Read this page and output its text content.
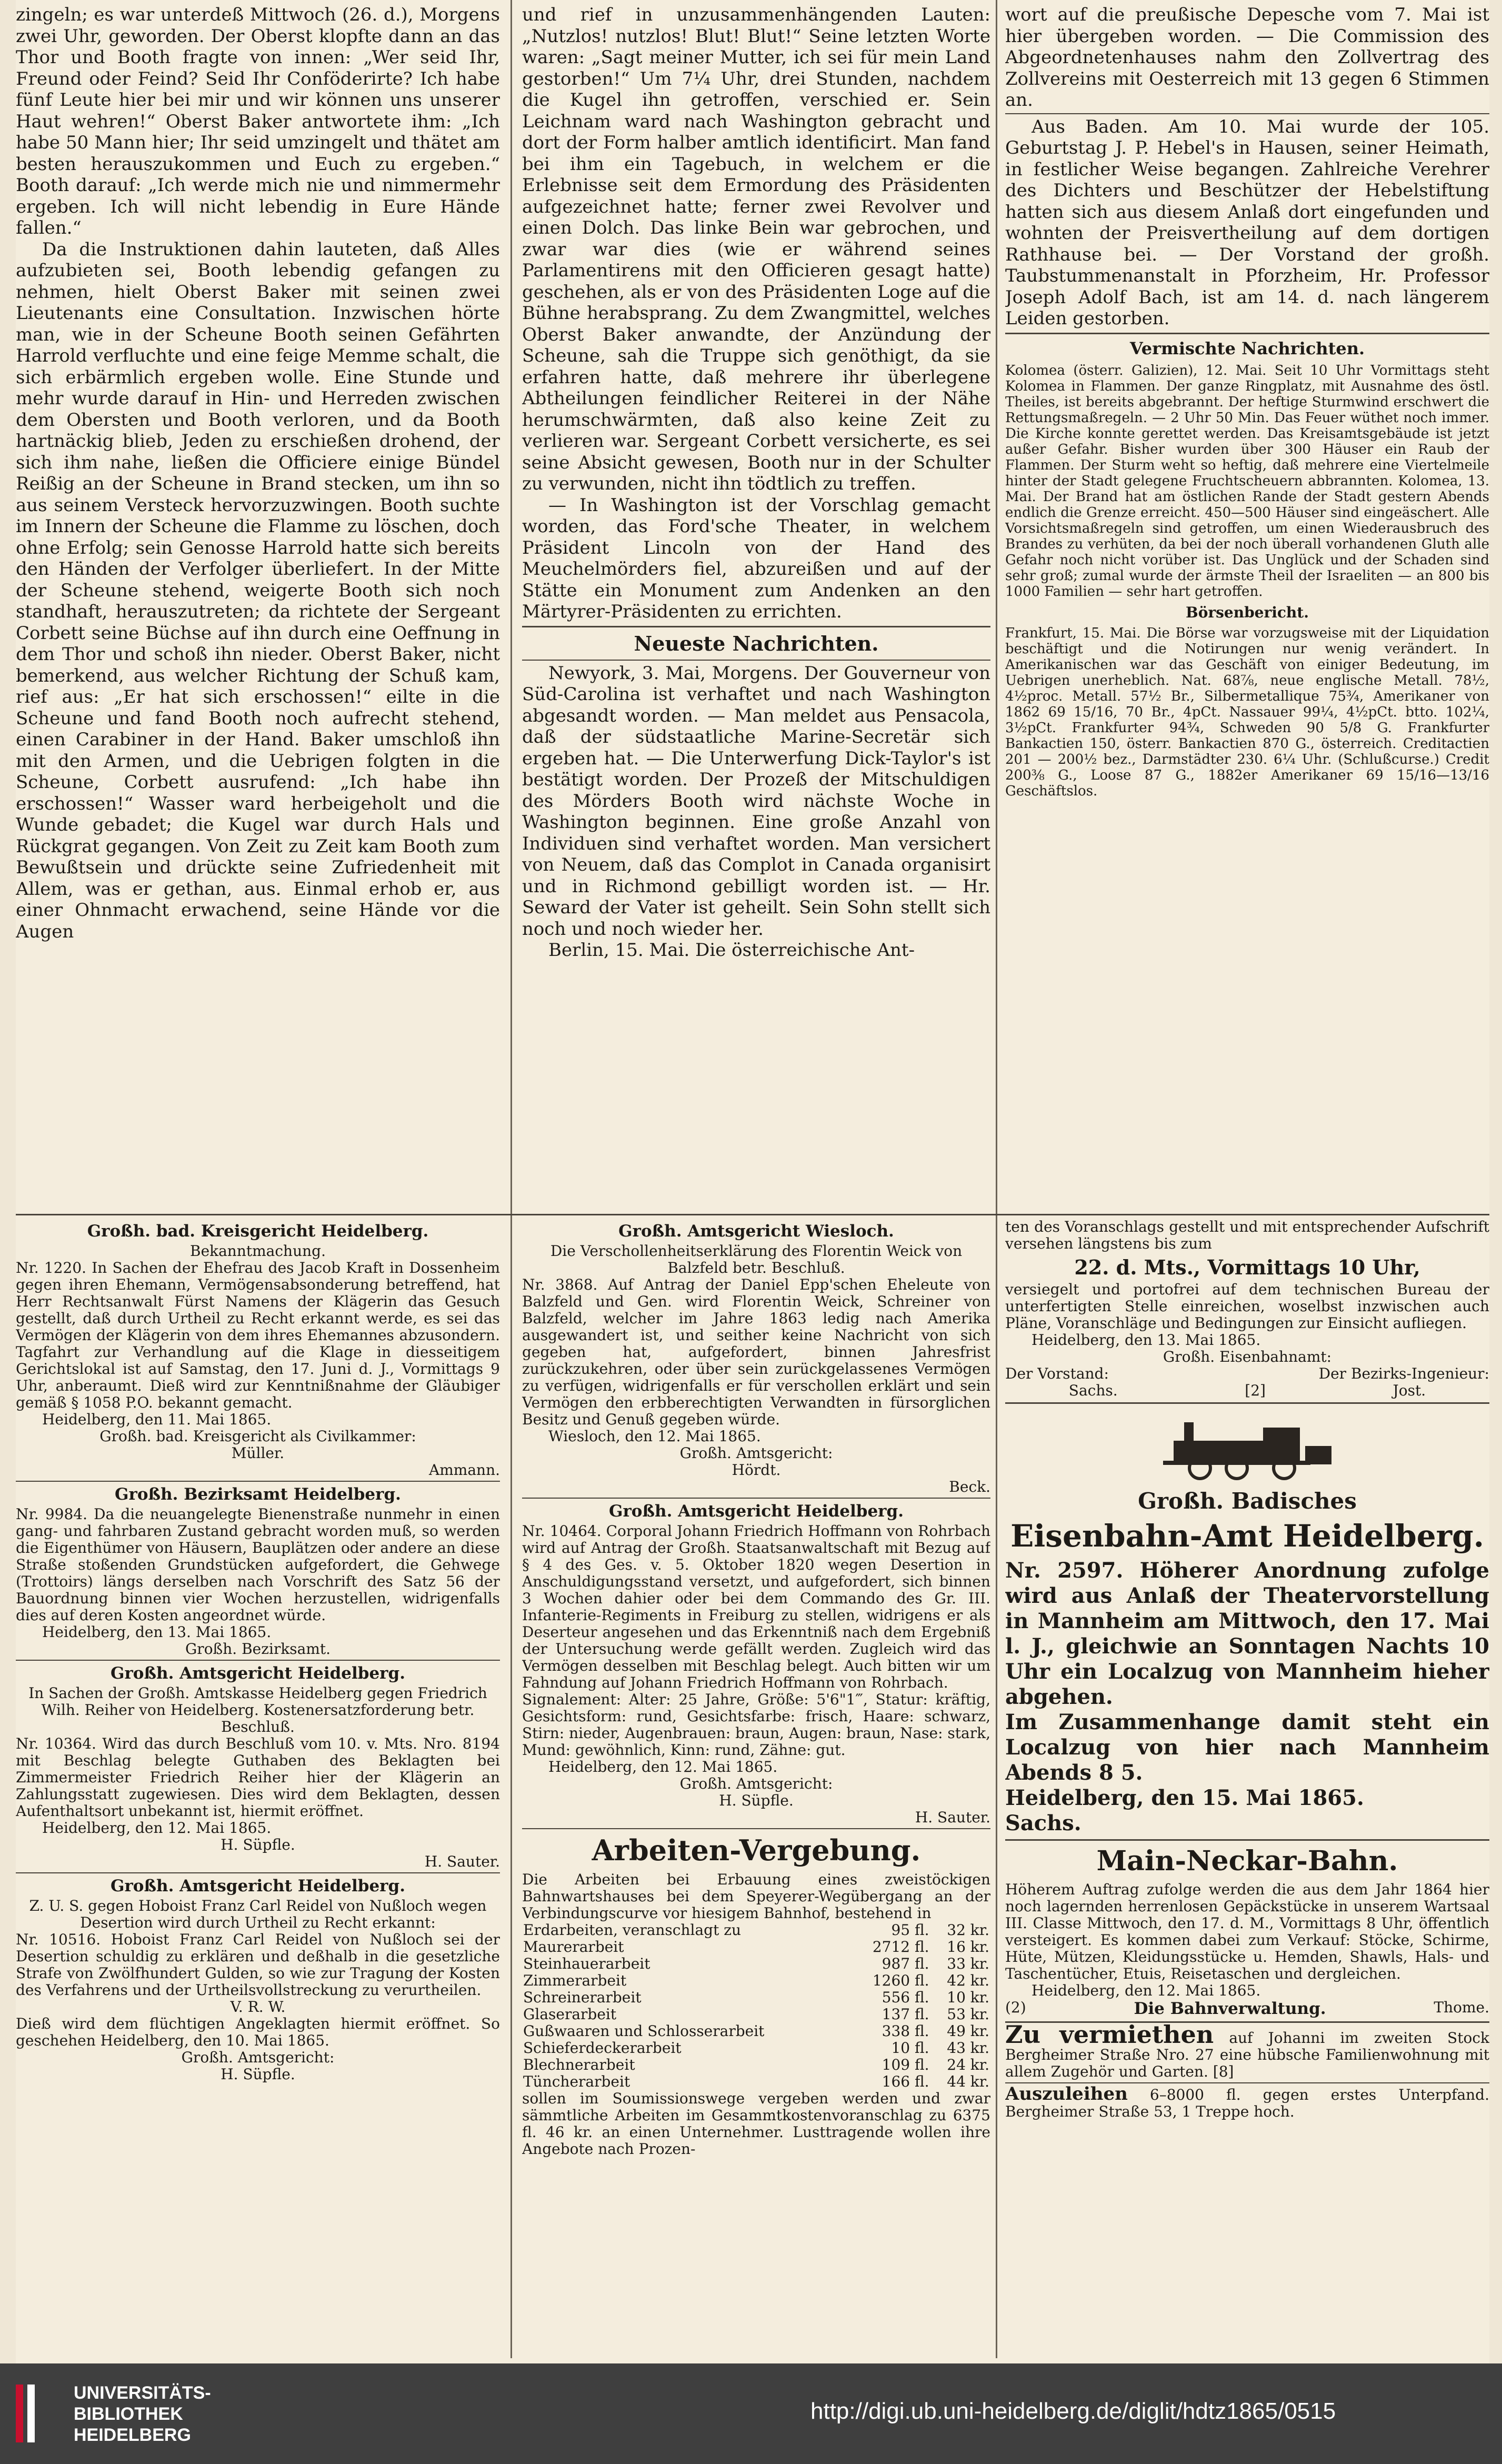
zingeln; es war unterdeß Mittwoch (26. d.), Morgens zwei Uhr, geworden. Der Oberst klopfte dann an das Thor und Booth fragte von innen: „Wer seid Ihr, Freund oder Feind? Seid Ihr Conföderirte? Ich habe fünf Leute hier bei mir und wir können uns unserer Haut wehren!“ Oberst Baker antwortete ihm: „Ich habe 50 Mann hier; Ihr seid umzingelt und thätet am besten herauszukommen und Euch zu ergeben.“ Booth darauf: „Ich werde mich nie und nimmermehr ergeben. Ich will nicht lebendig in Eure Hände fallen.“

Da die Instruktionen dahin lauteten, daß Alles aufzubieten sei, Booth lebendig gefangen zu nehmen, hielt Oberst Baker mit seinen zwei Lieutenants eine Consultation. Inzwischen hörte man, wie in der Scheune Booth seinen Gefährten Harrold verfluchte und eine feige Memme schalt, die sich erbärmlich ergeben wolle. Eine Stunde und mehr wurde darauf in Hin- und Herreden zwischen dem Obersten und Booth verloren, und da Booth hartnäckig blieb, Jeden zu erschießen drohend, der sich ihm nahe, ließen die Officiere einige Bündel Reißig an der Scheune in Brand stecken, um ihn so aus seinem Versteck hervorzuzwingen. Booth suchte im Innern der Scheune die Flamme zu löschen, doch ohne Erfolg; sein Genosse Harrold hatte sich bereits den Händen der Verfolger überliefert. In der Mitte der Scheune stehend, weigerte Booth sich noch standhaft, herauszutreten; da richtete der Sergeant Corbett seine Büchse auf ihn durch eine Oeffnung in dem Thor und schoß ihn nieder. Oberst Baker, nicht bemerkend, aus welcher Richtung der Schuß kam, rief aus: „Er hat sich erschossen!“ eilte in die Scheune und fand Booth noch aufrecht stehend, einen Carabiner in der Hand. Baker umschloß ihn mit den Armen, und die Uebrigen folgten in die Scheune, Corbett ausrufend: „Ich habe ihn erschossen!“ Wasser ward herbeigeholt und die Wunde gebadet; die Kugel war durch Hals und Rückgrat gegangen. Von Zeit zu Zeit kam Booth zum Bewußtsein und drückte seine Zufriedenheit mit Allem, was er gethan, aus. Einmal erhob er, aus einer Ohnmacht erwachend, seine Hände vor die Augen

und rief in unzusammenhängenden Lauten: „Nutzlos! nutzlos! Blut! Blut!“ Seine letzten Worte waren: „Sagt meiner Mutter, ich sei für mein Land gestorben!“ Um 7¼ Uhr, drei Stunden, nachdem die Kugel ihn getroffen, verschied er. Sein Leichnam ward nach Washington gebracht und dort der Form halber amtlich identificirt. Man fand bei ihm ein Tagebuch, in welchem er die Erlebnisse seit dem Ermordung des Präsidenten aufgezeichnet hatte; ferner zwei Revolver und einen Dolch. Das linke Bein war gebrochen, und zwar war dies (wie er während seines Parlamentirens mit den Officieren gesagt hatte) geschehen, als er von des Präsidenten Loge auf die Bühne herabsprang. Zu dem Zwangmittel, welches Oberst Baker anwandte, der Anzündung der Scheune, sah die Truppe sich genöthigt, da sie erfahren hatte, daß mehrere ihr überlegene Abtheilungen feindlicher Reiterei in der Nähe herumschwärmten, daß also keine Zeit zu verlieren war. Sergeant Corbett versicherte, es sei seine Absicht gewesen, Booth nur in der Schulter zu verwunden, nicht ihn tödtlich zu treffen.

— In Washington ist der Vorschlag gemacht worden, das Ford'sche Theater, in welchem Präsident Lincoln von der Hand des Meuchelmörders fiel, abzureißen und auf der Stätte ein Monument zum Andenken an den Märtyrer-Präsidenten zu errichten.

Neueste Nachrichten.

Newyork, 3. Mai, Morgens. Der Gouverneur von Süd-Carolina ist verhaftet und nach Washington abgesandt worden. — Man meldet aus Pensacola, daß der südstaatliche Marine-Secretär sich ergeben hat. — Die Unterwerfung Dick-Taylor's ist bestätigt worden. Der Prozeß der Mitschuldigen des Mörders Booth wird nächste Woche in Washington beginnen. Eine große Anzahl von Individuen sind verhaftet worden. Man versichert von Neuem, daß das Complot in Canada organisirt und in Richmond gebilligt worden ist. — Hr. Seward der Vater ist geheilt. Sein Sohn stellt sich noch und noch wieder her.

Berlin, 15. Mai. Die österreichische Ant-

wort auf die preußische Depesche vom 7. Mai ist hier übergeben worden. — Die Commission des Abgeordnetenhauses nahm den Zollvertrag des Zollvereins mit Oesterreich mit 13 gegen 6 Stimmen an.

Aus Baden. Am 10. Mai wurde der 105. Geburtstag J. P. Hebel's in Hausen, seiner Heimath, in festlicher Weise begangen. Zahlreiche Verehrer des Dichters und Beschützer der Hebelstiftung hatten sich aus diesem Anlaß dort eingefunden und wohnten der Preisvertheilung auf dem dortigen Rathhause bei. — Der Vorstand der großh. Taubstummenanstalt in Pforzheim, Hr. Professor Joseph Adolf Bach, ist am 14. d. nach längerem Leiden gestorben.

Vermischte Nachrichten.

Kolomea (österr. Galizien), 12. Mai. Seit 10 Uhr Vormittags steht Kolomea in Flammen. Der ganze Ringplatz, mit Ausnahme des östl. Theiles, ist bereits abgebrannt. Der heftige Sturmwind erschwert die Rettungsmaßregeln. — 2 Uhr 50 Min. Das Feuer wüthet noch immer. Die Kirche konnte gerettet werden. Das Kreisamtsgebäude ist jetzt außer Gefahr. Bisher wurden über 300 Häuser ein Raub der Flammen. Der Sturm weht so heftig, daß mehrere eine Viertelmeile hinter der Stadt gelegene Fruchtscheuern abbrannten. Kolomea, 13. Mai. Der Brand hat am östlichen Rande der Stadt gestern Abends endlich die Grenze erreicht. 450—500 Häuser sind eingeäschert. Alle Vorsichtsmaßregeln sind getroffen, um einen Wiederausbruch des Brandes zu verhüten, da bei der noch überall vorhandenen Gluth alle Gefahr noch nicht vorüber ist. Das Unglück und der Schaden sind sehr groß; zumal wurde der ärmste Theil der Israeliten — an 800 bis 1000 Familien — sehr hart getroffen.

Börsenbericht.

Frankfurt, 15. Mai. Die Börse war vorzugsweise mit der Liquidation beschäftigt und die Notirungen nur wenig verändert. In Amerikanischen war das Geschäft von einiger Bedeutung, im Uebrigen unerheblich. Nat. 68⅞, neue englische Metall. 78½, 4½proc. Metall. 57½ Br., Silbermetallique 75¾, Amerikaner von 1862 69 15/16, 70 Br., 4pCt. Nassauer 99¼, 4½pCt. btto. 102¼, 3½pCt. Frankfurter 94¾, Schweden 90 5/8 G. Frankfurter Bankactien 150, österr. Bankactien 870 G., österreich. Creditactien 201 — 200½ bez., Darmstädter 230. 6¼ Uhr. (Schlußcurse.) Credit 200⅜ G., Loose 87 G., 1882er Amerikaner 69 15/16—13/16 Geschäftslos.

Großh. bad. Kreisgericht Heidelberg.
Bekanntmachung.

Nr. 1220. In Sachen der Ehefrau des Jacob Kraft in Dossenheim gegen ihren Ehemann, Vermögensabsonderung betreffend, hat Herr Rechtsanwalt Fürst Namens der Klägerin das Gesuch gestellt, daß durch Urtheil zu Recht erkannt werde, es sei das Vermögen der Klägerin von dem ihres Ehemannes abzusondern. Tagfahrt zur Verhandlung auf die Klage in diesseitigem Gerichtslokal ist auf Samstag, den 17. Juni d. J., Vormittags 9 Uhr, anberaumt. Dieß wird zur Kenntnißnahme der Gläubiger gemäß § 1058 P.O. bekannt gemacht.

Heidelberg, den 11. Mai 1865.

Großh. bad. Kreisgericht als Civilkammer:

Müller.

Ammann.

Großh. Bezirksamt Heidelberg.

Nr. 9984. Da die neuangelegte Bienenstraße nunmehr in einen gang- und fahrbaren Zustand gebracht worden muß, so werden die Eigenthümer von Häusern, Bauplätzen oder andere an diese Straße stoßenden Grundstücken aufgefordert, die Gehwege (Trottoirs) längs derselben nach Vorschrift des Satz 56 der Bauordnung binnen vier Wochen herzustellen, widrigenfalls dies auf deren Kosten angeordnet würde.

Heidelberg, den 13. Mai 1865.

Großh. Bezirksamt.

Großh. Amtsgericht Heidelberg.

In Sachen der Großh. Amtskasse Heidelberg gegen Friedrich Wilh. Reiher von Heidelberg. Kostenersatzforderung betr. Beschluß.

Nr. 10364. Wird das durch Beschluß vom 10. v. Mts. Nro. 8194 mit Beschlag belegte Guthaben des Beklagten bei Zimmermeister Friedrich Reiher hier der Klägerin an Zahlungsstatt zugewiesen. Dies wird dem Beklagten, dessen Aufenthaltsort unbekannt ist, hiermit eröffnet.

Heidelberg, den 12. Mai 1865.

H. Süpfle.

H. Sauter.

Großh. Amtsgericht Heidelberg.

Z. U. S. gegen Hoboist Franz Carl Reidel von Nußloch wegen Desertion wird durch Urtheil zu Recht erkannt:

Nr. 10516. Hoboist Franz Carl Reidel von Nußloch sei der Desertion schuldig zu erklären und deßhalb in die gesetzliche Strafe von Zwölfhundert Gulden, so wie zur Tragung der Kosten des Verfahrens und der Urtheilsvollstreckung zu verurtheilen.

V. R. W.

Dieß wird dem flüchtigen Angeklagten hiermit eröffnet. So geschehen Heidelberg, den 10. Mai 1865.

Großh. Amtsgericht:

H. Süpfle.

Großh. Amtsgericht Wiesloch.

Die Verschollenheitserklärung des Florentin Weick von Balzfeld betr. Beschluß.

Nr. 3868. Auf Antrag der Daniel Epp'schen Eheleute von Balzfeld und Gen. wird Florentin Weick, Schreiner von Balzfeld, welcher im Jahre 1863 ledig nach Amerika ausgewandert ist, und seither keine Nachricht von sich gegeben hat, aufgefordert, binnen Jahresfrist zurückzukehren, oder über sein zurückgelassenes Vermögen zu verfügen, widrigenfalls er für verschollen erklärt und sein Vermögen den erbberechtigten Verwandten in fürsorglichen Besitz und Genuß gegeben würde.

Wiesloch, den 12. Mai 1865.

Großh. Amtsgericht:

Hördt.

Beck.

Großh. Amtsgericht Heidelberg.

Nr. 10464. Corporal Johann Friedrich Hoffmann von Rohrbach wird auf Antrag der Großh. Staatsanwaltschaft mit Bezug auf § 4 des Ges. v. 5. Oktober 1820 wegen Desertion in Anschuldigungsstand versetzt, und aufgefordert, sich binnen 3 Wochen dahier oder bei dem Commando des Gr. III. Infanterie-Regiments in Freiburg zu stellen, widrigens er als Deserteur angesehen und das Erkenntniß nach dem Ergebniß der Untersuchung werde gefällt werden. Zugleich wird das Vermögen desselben mit Beschlag belegt. Auch bitten wir um Fahndung auf Johann Friedrich Hoffmann von Rohrbach.

Signalement: Alter: 25 Jahre, Größe: 5'6"1‴, Statur: kräftig, Gesichtsform: rund, Gesichtsfarbe: frisch, Haare: schwarz, Stirn: nieder, Augenbrauen: braun, Augen: braun, Nase: stark, Mund: gewöhnlich, Kinn: rund, Zähne: gut.

Heidelberg, den 12. Mai 1865.

Großh. Amtsgericht:

H. Süpfle.

H. Sauter.

Arbeiten-Vergebung.

Die Arbeiten bei Erbauung eines zweistöckigen Bahnwartshauses bei dem Speyerer-Wegübergang an der Verbindungscurve vor hiesigem Bahnhof, bestehend in

Erdarbeiten, veranschlagt zu	95 fl.	32 kr.
Maurerarbeit	2712 fl.	16 kr.
Steinhauerarbeit	987 fl.	33 kr.
Zimmerarbeit	1260 fl.	42 kr.
Schreinerarbeit	556 fl.	10 kr.
Glaserarbeit	137 fl.	53 kr.
Gußwaaren und Schlosserarbeit	338 fl.	49 kr.
Schieferdeckerarbeit	10 fl.	43 kr.
Blechnerarbeit	109 fl.	24 kr.
Tüncherarbeit	166 fl.	44 kr.

sollen im Soumissionswege vergeben werden und zwar sämmtliche Arbeiten im Gesammtkostenvoranschlag zu 6375 fl. 46 kr. an einen Unternehmer. Lusttragende wollen ihre Angebote nach Prozen-

ten des Voranschlags gestellt und mit entsprechender Aufschrift versehen längstens bis zum

22. d. Mts., Vormittags 10 Uhr,

versiegelt und portofrei auf dem technischen Bureau der unterfertigten Stelle einreichen, woselbst inzwischen auch Pläne, Voranschläge und Bedingungen zur Einsicht aufliegen.

Heidelberg, den 13. Mai 1865.

Großh. Eisenbahnamt:

Der Vorstand:	Der Bezirks-Ingenieur:
Sachs.	[2]	Jost.
Großh. Badisches
Eisenbahn-Amt Heidelberg.

Nr. 2597. Höherer Anordnung zufolge wird aus Anlaß der Theatervorstellung in Mannheim am Mittwoch, den 17. Mai l. J., gleichwie an Sonntagen Nachts 10 Uhr ein Localzug von Mannheim hieher abgehen.

Im Zusammenhange damit steht ein Localzug von hier nach Mannheim Abends 8 5.

Heidelberg, den 15. Mai 1865.

Sachs.

Main-Neckar-Bahn.

Höherem Auftrag zufolge werden die aus dem Jahr 1864 hier noch lagernden herrenlosen Gepäckstücke in unserem Wartsaal III. Classe Mittwoch, den 17. d. M., Vormittags 8 Uhr, öffentlich versteigert. Es kommen dabei zum Verkauf: Stöcke, Schirme, Hüte, Mützen, Kleidungsstücke u. Hemden, Shawls, Hals- und Taschentücher, Etuis, Reisetaschen und dergleichen.

Heidelberg, den 12. Mai 1865.

(2)	Die Bahnverwaltung.	Thome.

Zu vermiethen auf Johanni im zweiten Stock Bergheimer Straße Nro. 27 eine hübsche Familienwohnung mit allem Zugehör und Garten. [8]

Auszuleihen 6–8000 fl. gegen erstes Unterpfand. Bergheimer Straße 53, 1 Treppe hoch.

UNIVERSITÄTS-
BIBLIOTHEK
HEIDELBERG
http://digi.ub.uni-heidelberg.de/diglit/hdtz1865/0515
